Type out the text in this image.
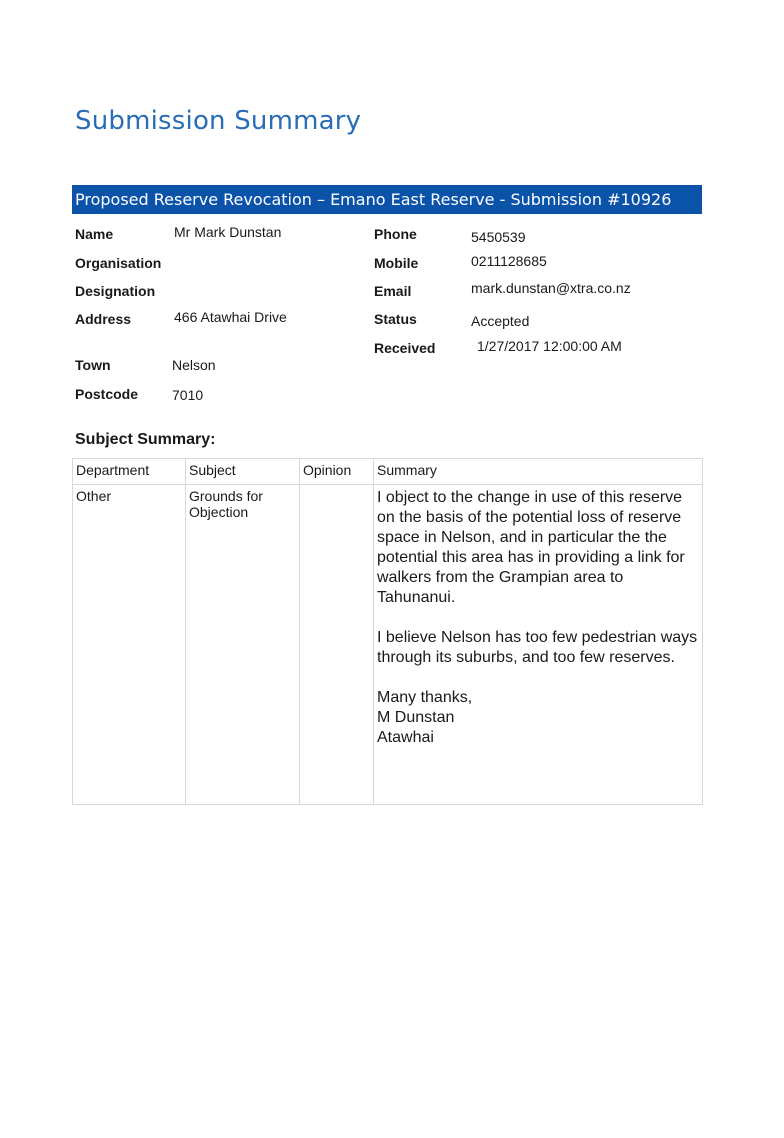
Submission Summary
Proposed Reserve Revocation – Emano East Reserve - Submission #10926
Name	Mr Mark Dunstan
Organisation
Designation
Address	466 Atawhai Drive
Town	Nelson
Postcode 7010
Phone	5450539
Mobile	0211128685
Email	mark.dunstan@xtra.co.nz
Status	Accepted
Received	1/27/2017 12:00:00 AM
Subject Summary:
Department	Subject	Opinion	Summary
Other	Grounds for Objection		I object to the change in use of this reserve on the basis of the potential loss of reserve space in Nelson, and in particular the the potential this area has in providing a link for walkers from the Grampian area to Tahunanui.

I believe Nelson has too few pedestrian ways through its suburbs, and too few reserves.

Many thanks,
M Dunstan
Atawhai
